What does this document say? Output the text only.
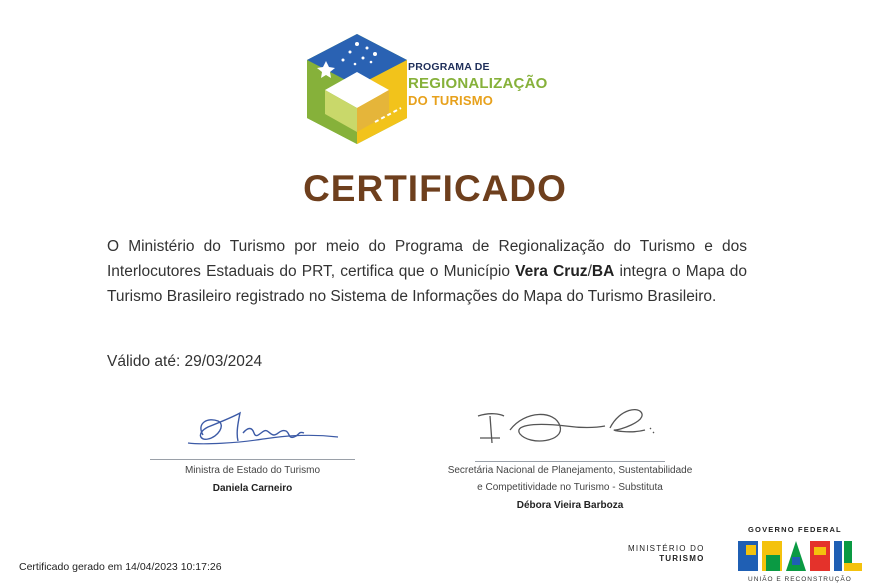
PROGRAMA DE
REGIONALIZAÇÃO
DO TURISMO
CERTIFICADO
O Ministério do Turismo por meio do Programa de Regionalização do Turismo e dos Interlocutores Estaduais do PRT, certifica que o Município Vera Cruz/BA integra o Mapa do Turismo Brasileiro registrado no Sistema de Informações do Mapa do Turismo Brasileiro.
Válido até: 29/03/2024
Ministra de Estado do Turismo
Daniela Carneiro
Secretária Nacional de Planejamento, Sustentabilidade
e Competitividade no Turismo - Substituta
Débora Vieira Barboza
Certificado gerado em 14/04/2023 10:17:26
MINISTÉRIO DO
TURISMO
GOVERNO FEDERAL
UNIÃO E RECONSTRUÇÃO
